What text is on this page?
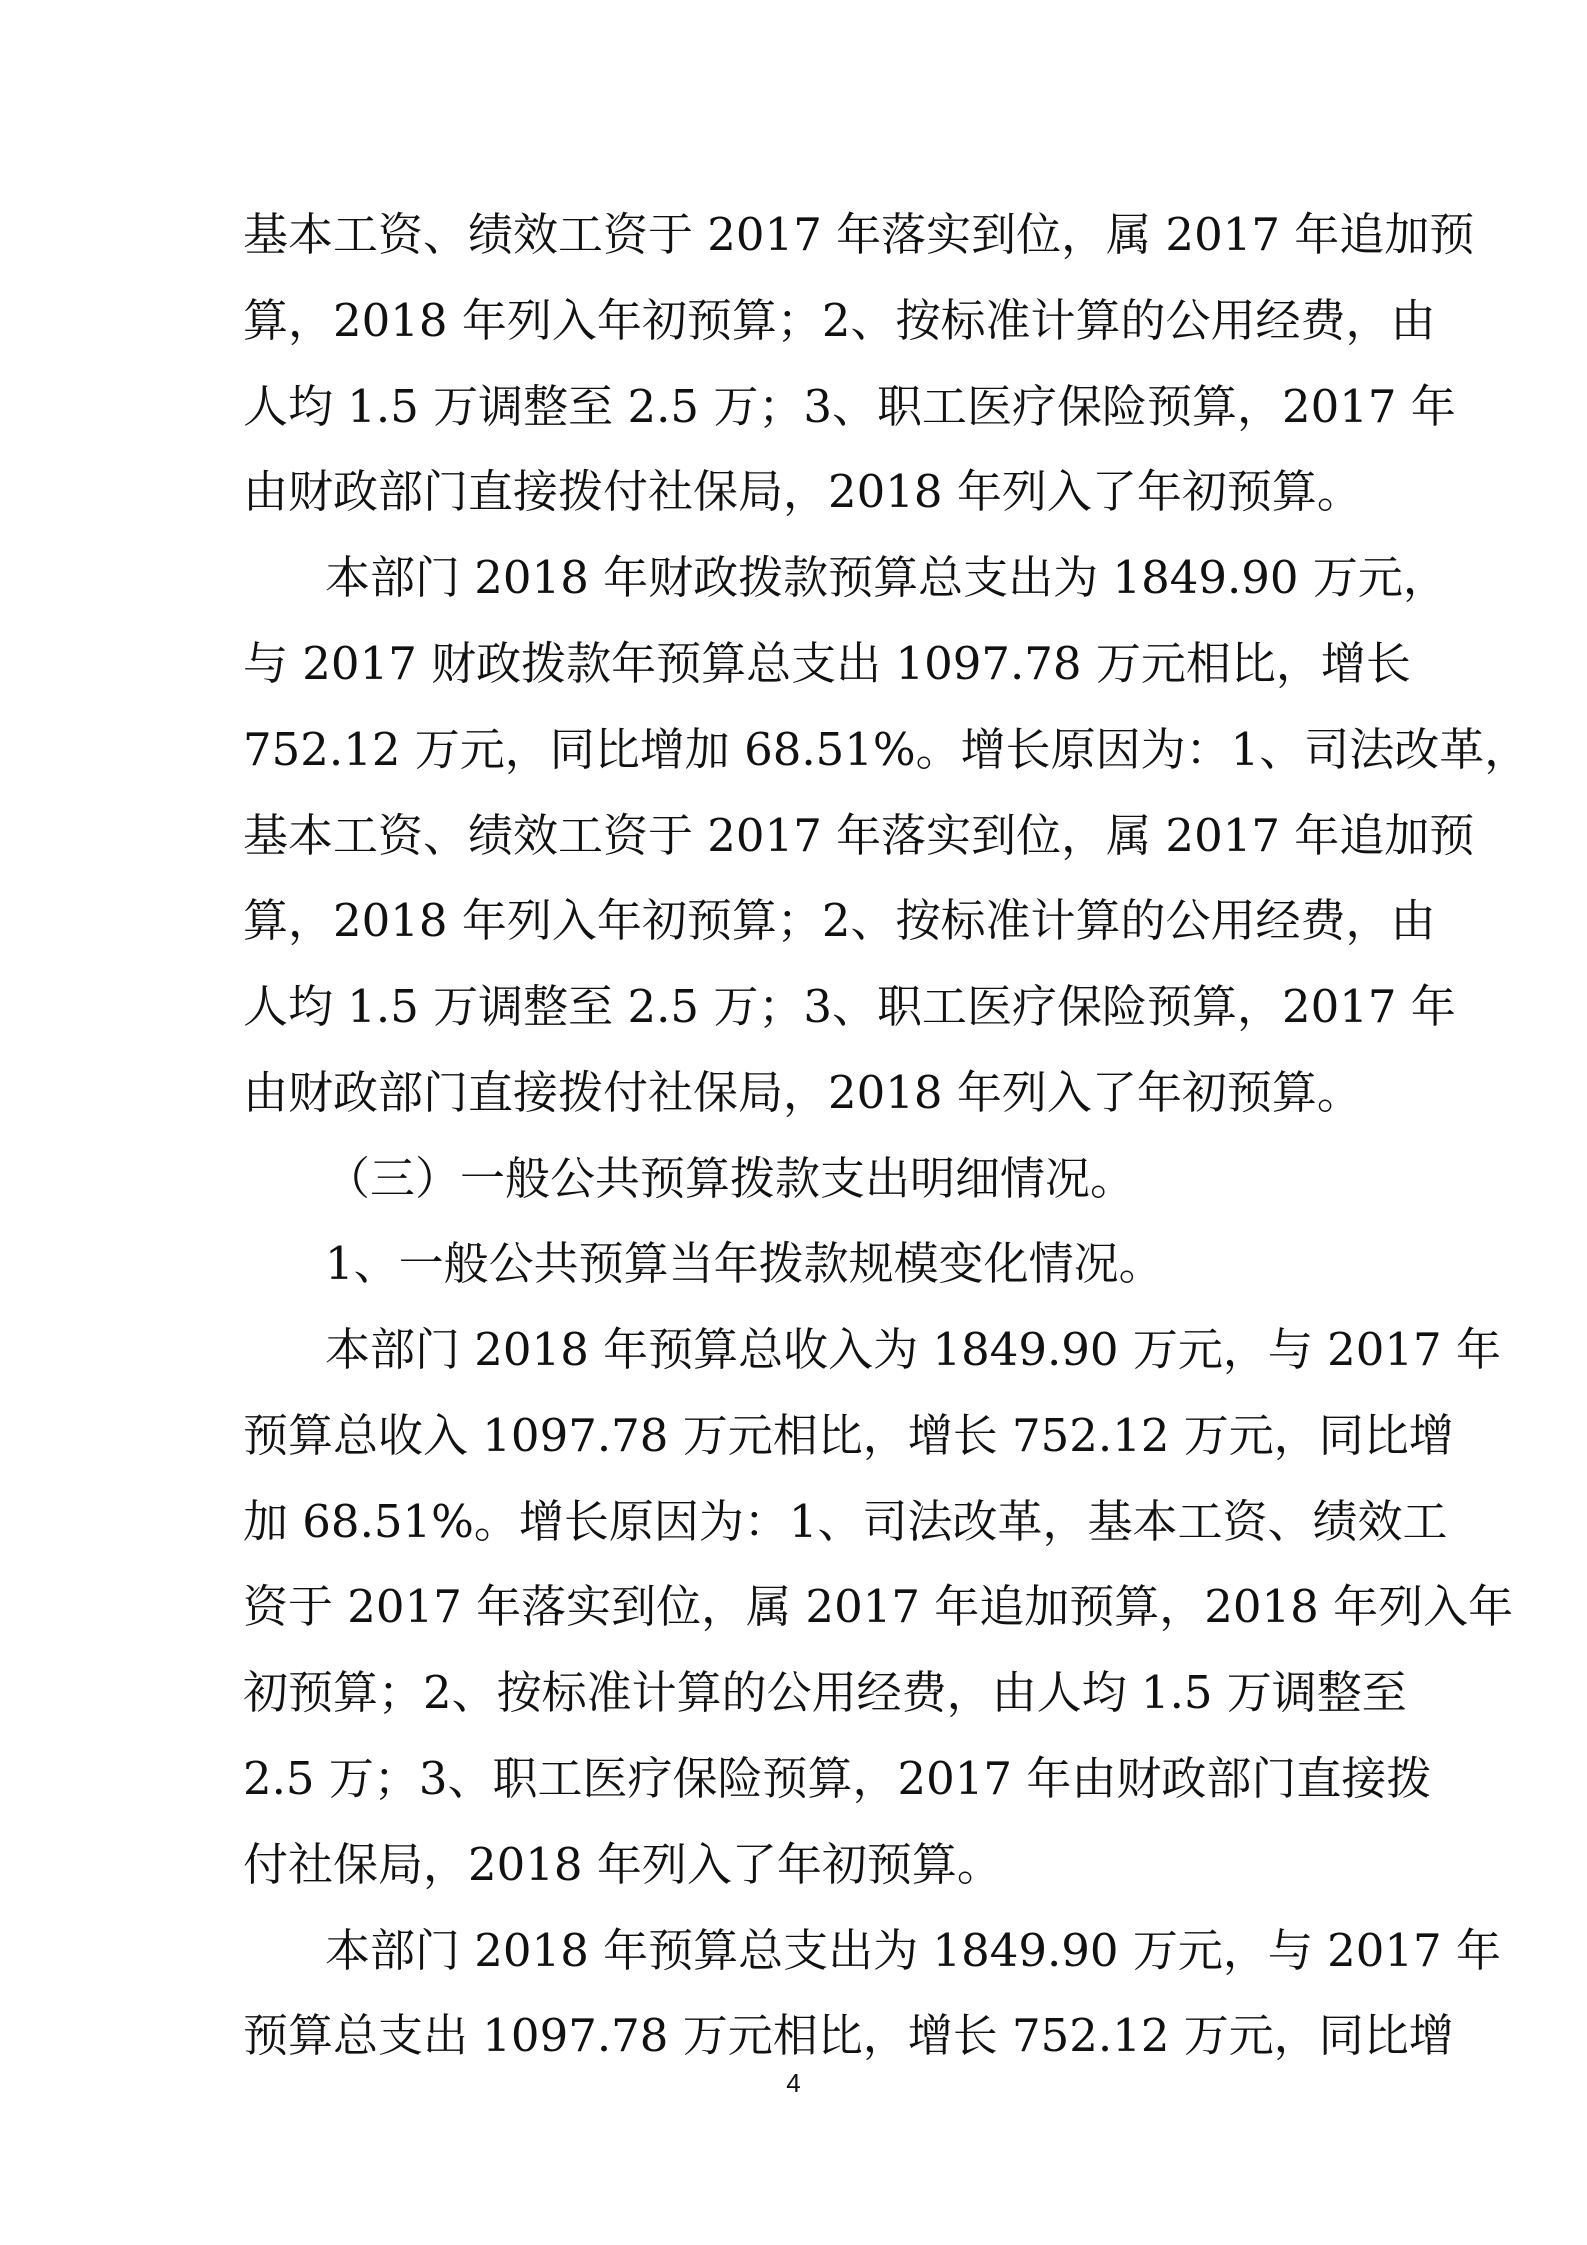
基本工资、绩效工资于 2017 年落实到位，属 2017 年追加预
算，2018 年列入年初预算；2、按标准计算的公用经费，由
人均 1.5 万调整至 2.5 万；3、职工医疗保险预算，2017 年
由财政部门直接拨付社保局，2018 年列入了年初预算。
本部门 2018 年财政拨款预算总支出为 1849.90 万元，
与 2017 财政拨款年预算总支出 1097.78 万元相比，增长
752.12 万元，同比增加 68.51%。增长原因为：1、司法改革，
基本工资、绩效工资于 2017 年落实到位，属 2017 年追加预
算，2018 年列入年初预算；2、按标准计算的公用经费，由
人均 1.5 万调整至 2.5 万；3、职工医疗保险预算，2017 年
由财政部门直接拨付社保局，2018 年列入了年初预算。
（三）一般公共预算拨款支出明细情况。
1、一般公共预算当年拨款规模变化情况。
本部门 2018 年预算总收入为 1849.90 万元，与 2017 年
预算总收入 1097.78 万元相比，增长 752.12 万元，同比增
加 68.51%。增长原因为：1、司法改革，基本工资、绩效工
资于 2017 年落实到位，属 2017 年追加预算，2018 年列入年
初预算；2、按标准计算的公用经费，由人均 1.5 万调整至
2.5 万；3、职工医疗保险预算，2017 年由财政部门直接拨
付社保局，2018 年列入了年初预算。
本部门 2018 年预算总支出为 1849.90 万元，与 2017 年
预算总支出 1097.78 万元相比，增长 752.12 万元，同比增
4
